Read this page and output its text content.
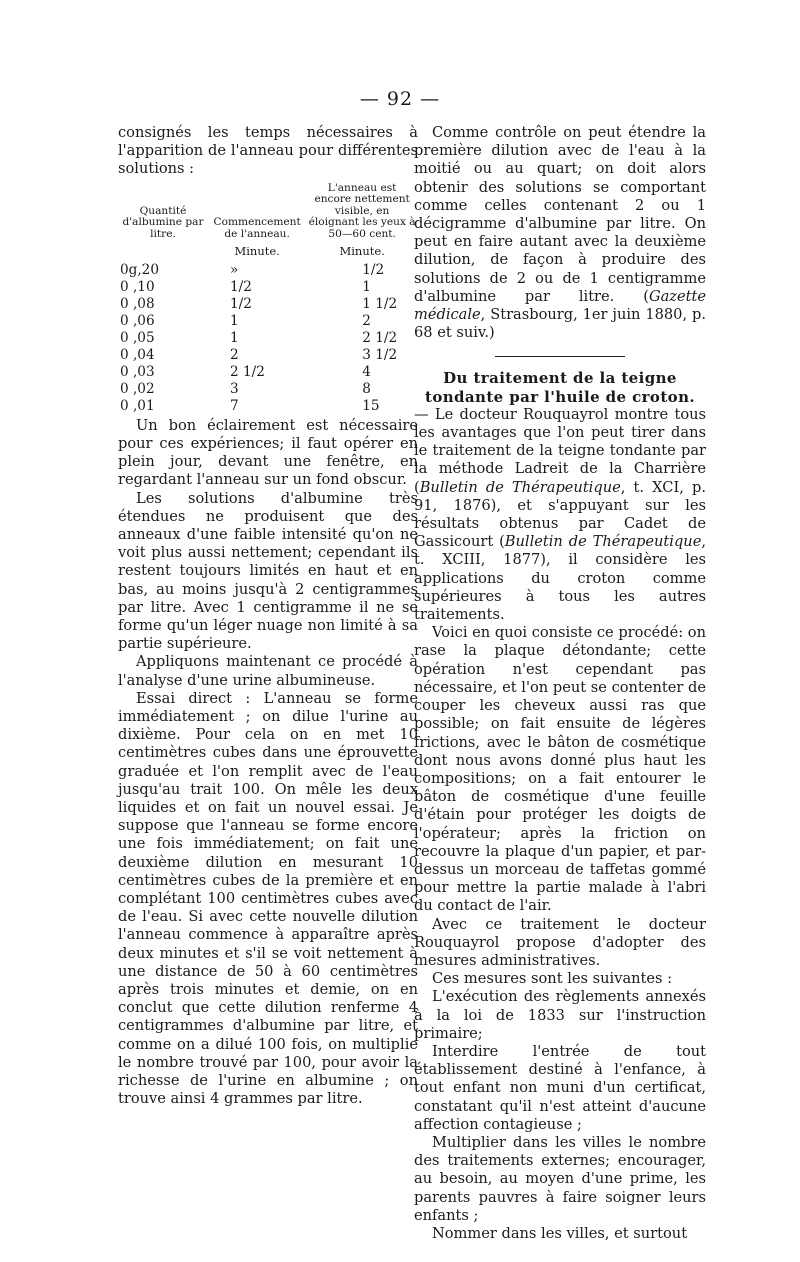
— 92 —

consignés les temps nécessaires à l'apparition de l'anneau pour différentes solutions :

Quantité d'albumine par litre.	Commencement de l'anneau.	L'anneau est encore nettement visible, en éloignant les yeux à 50—60 cent.
	Minute.	Minute.
0g,20	»	1/2
0 ,10	1/2	1
0 ,08	1/2	1 1/2
0 ,06	1	2
0 ,05	1	2 1/2
0 ,04	2	3 1/2
0 ,03	2 1/2	4
0 ,02	3	8
0 ,01	7	15

Un bon éclairement est nécessaire pour ces expériences; il faut opérer en plein jour, devant une fenêtre, en regardant l'anneau sur un fond obscur.

Les solutions d'albumine très étendues ne produisent que des anneaux d'une faible intensité qu'on ne voit plus aussi nettement; cependant ils restent toujours limités en haut et en bas, au moins jusqu'à 2 centigrammes par litre. Avec 1 centigramme il ne se forme qu'un léger nuage non limité à sa partie supérieure.

Appliquons maintenant ce procédé à l'analyse d'une urine albumineuse.

Essai direct : L'anneau se forme immédiatement ; on dilue l'urine au dixième. Pour cela on en met 10 centimètres cubes dans une éprouvette graduée et l'on remplit avec de l'eau jusqu'au trait 100. On mêle les deux liquides et on fait un nouvel essai. Je suppose que l'anneau se forme encore une fois immédiatement; on fait une deuxième dilution en mesurant 10 centimètres cubes de la première et en complétant 100 centimètres cubes avec de l'eau. Si avec cette nouvelle dilution l'anneau commence à apparaître après deux minutes et s'il se voit nettement à une distance de 50 à 60 centimètres après trois minutes et demie, on en conclut que cette dilution renferme 4 centigrammes d'albumine par litre, et comme on a dilué 100 fois, on multiplie le nombre trouvé par 100, pour avoir la richesse de l'urine en albumine ; on trouve ainsi 4 grammes par litre.

Comme contrôle on peut étendre la première dilution avec de l'eau à la moitié ou au quart; on doit alors obtenir des solutions se comportant comme celles contenant 2 ou 1 décigramme d'albumine par litre. On peut en faire autant avec la deuxième dilution, de façon à produire des solutions de 2 ou de 1 centigramme d'albumine par litre. (Gazette médicale, Strasbourg, 1er juin 1880, p. 68 et suiv.)

Du traitement de la teigne tondante par l'huile de croton.

— Le docteur Rouquayrol montre tous les avantages que l'on peut tirer dans le traitement de la teigne tondante par la méthode Ladreit de la Charrière (Bulletin de Thérapeutique, t. XCI, p. 91, 1876), et s'appuyant sur les résultats obtenus par Cadet de Gassicourt (Bulletin de Thérapeutique, t. XCIII, 1877), il considère les applications du croton comme supérieures à tous les autres traitements.

Voici en quoi consiste ce procédé: on rase la plaque détondante; cette opération n'est cependant pas nécessaire, et l'on peut se contenter de couper les cheveux aussi ras que possible; on fait ensuite de légères frictions, avec le bâton de cosmétique dont nous avons donné plus haut les compositions; on a fait entourer le bâton de cosmétique d'une feuille d'étain pour protéger les doigts de l'opérateur; après la friction on recouvre la plaque d'un papier, et par-dessus un morceau de taffetas gommé pour mettre la partie malade à l'abri du contact de l'air.

Avec ce traitement le docteur Rouquayrol propose d'adopter des mesures administratives.

Ces mesures sont les suivantes :

L'exécution des règlements annexés à la loi de 1833 sur l'instruction primaire;

Interdire l'entrée de tout établissement destiné à l'enfance, à tout enfant non muni d'un certificat, constatant qu'il n'est atteint d'aucune affection contagieuse ;

Multiplier dans les villes le nombre des traitements externes; encourager, au besoin, au moyen d'une prime, les parents pauvres à faire soigner leurs enfants ;

Nommer dans les villes, et surtout
